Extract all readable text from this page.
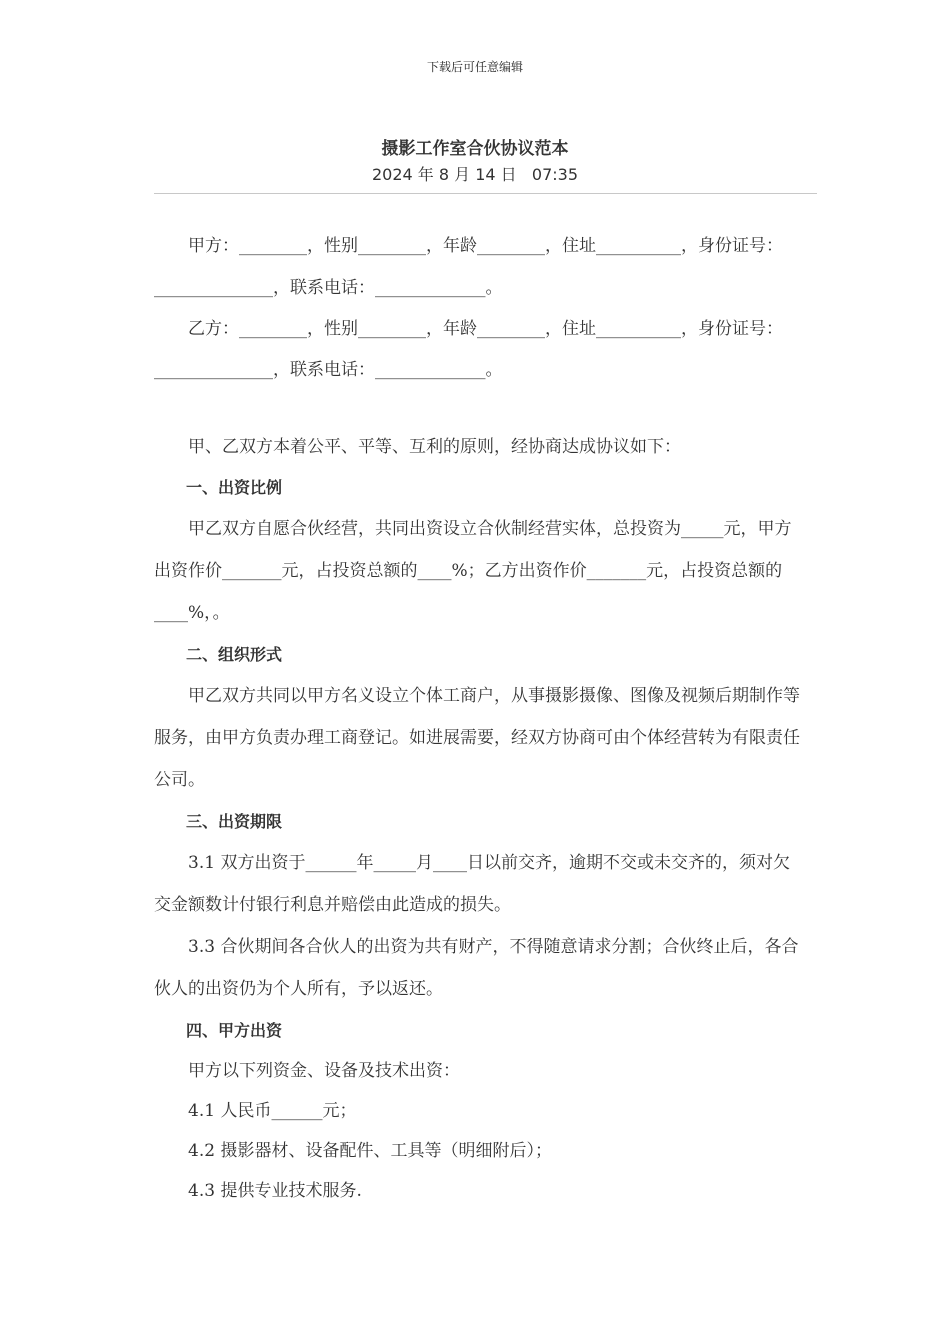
下载后可任意编辑
摄影工作室合伙协议范本
2024 年 8 月 14 日   07:35

甲方：________，性别________，年龄________，住址__________，身份证号：______________，联系电话：_____________。

乙方：________，性别________，年龄________，住址__________，身份证号：______________，联系电话：_____________。

甲、乙双方本着公平、平等、互利的原则，经协商达成协议如下：

一、出资比例

甲乙双方自愿合伙经营，共同出资设立合伙制经营实体，总投资为_____元，甲方出资作价_______元，占投资总额的____%；乙方出资作价_______元，占投资总额的____%，。

二、组织形式

甲乙双方共同以甲方名义设立个体工商户，从事摄影摄像、图像及视频后期制作等服务，由甲方负责办理工商登记。如进展需要，经双方协商可由个体经营转为有限责任公司。

三、出资期限

3.1 双方出资于______年_____月____日以前交齐，逾期不交或未交齐的，须对欠交金额数计付银行利息并赔偿由此造成的损失。

3.3 合伙期间各合伙人的出资为共有财产，不得随意请求分割；合伙终止后，各合伙人的出资仍为个人所有，予以返还。

四、甲方出资

甲方以下列资金、设备及技术出资：

4.1 人民币______元；

4.2 摄影器材、设备配件、工具等（明细附后）；

4.3 提供专业技术服务.
